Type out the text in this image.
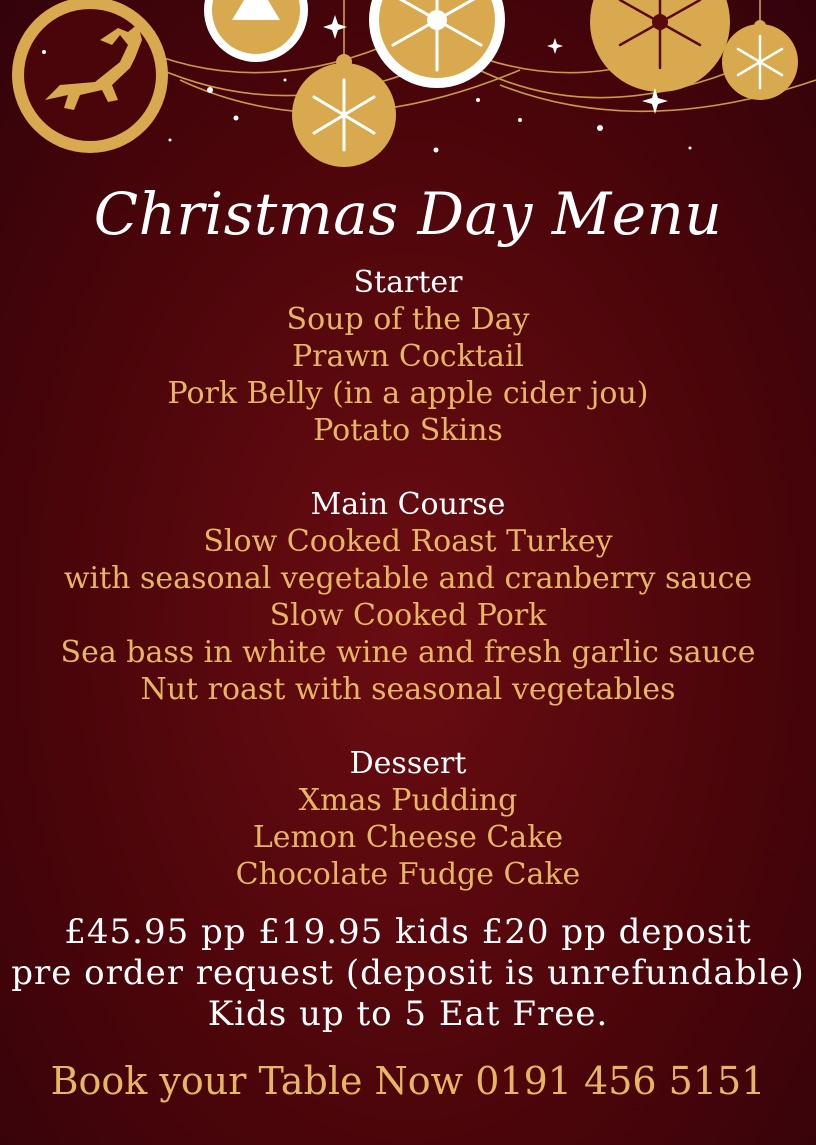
Christmas Day Menu
Starter
Soup of the Day
Prawn Cocktail
Pork Belly (in a apple cider jou)
Potato Skins
Main Course
Slow Cooked Roast Turkey
with seasonal vegetable and cranberry sauce
Slow Cooked Pork
Sea bass in white wine and fresh garlic sauce
Nut roast with seasonal vegetables
Dessert
Xmas Pudding
Lemon Cheese Cake
Chocolate Fudge Cake
£45.95 pp £19.95 kids £20 pp deposit
pre order request (deposit is unrefundable)
Kids up to 5 Eat Free.
Book your Table Now 0191 456 5151
